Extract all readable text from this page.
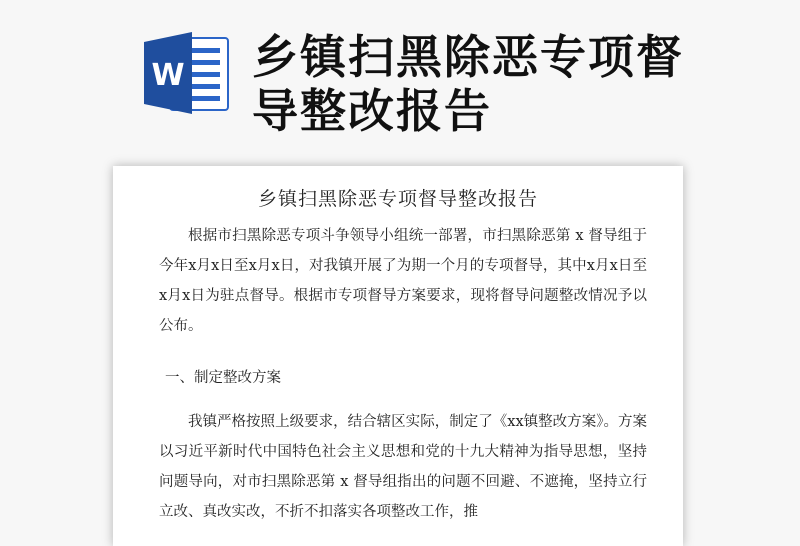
W 乡镇扫黑除恶专项督导整改报告
乡镇扫黑除恶专项督导整改报告

根据市扫黑除恶专项斗争领导小组统一部署，市扫黑除恶第 x 督导组于今年x月x日至x月x日，对我镇开展了为期一个月的专项督导，其中x月x日至x月x日为驻点督导。根据市专项督导方案要求，现将督导问题整改情况予以公布。

一、制定整改方案

我镇严格按照上级要求，结合辖区实际，制定了《xx镇整改方案》。方案以习近平新时代中国特色社会主义思想和党的十九大精神为指导思想，坚持问题导向，对市扫黑除恶第 x 督导组指出的问题不回避、不遮掩，坚持立行立改、真改实改，不折不扣落实各项整改工作，推
